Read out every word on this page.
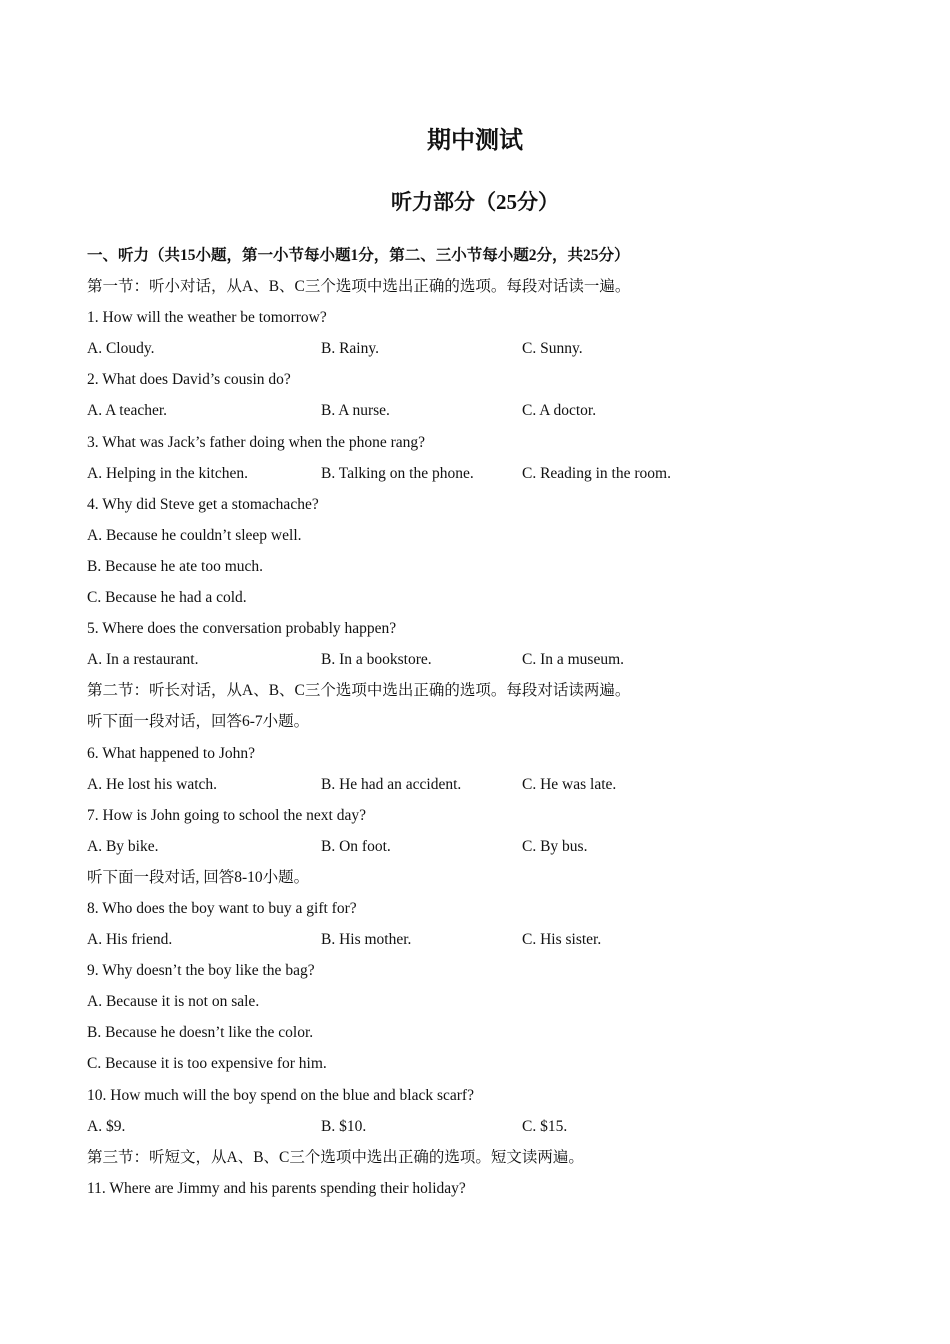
期中测试
听力部分（25分）
一、听力（共15小题，第一小节每小题1分，第二、三小节每小题2分，共25分）
第一节：听小对话，从A、B、C三个选项中选出正确的选项。每段对话读一遍。
1. How will the weather be tomorrow?
A. Cloudy.	B. Rainy.	C. Sunny.
2. What does David’s cousin do?
A. A teacher.	B. A nurse.	C. A doctor.
3. What was Jack’s father doing when the phone rang?
A. Helping in the kitchen.	B. Talking on the phone.	C. Reading in the room.
4. Why did Steve get a stomachache?
A. Because he couldn’t sleep well.
B. Because he ate too much.
C. Because he had a cold.
5. Where does the conversation probably happen?
A. In a restaurant.	B. In a bookstore.	C. In a museum.
第二节：听长对话，从A、B、C三个选项中选出正确的选项。每段对话读两遍。
听下面一段对话，回答6-7小题。
6. What happened to John?
A. He lost his watch.	B. He had an accident.	C. He was late.
7. How is John going to school the next day?
A. By bike.	B. On foot.	C. By bus.
听下面一段对话, 回答8-10小题。
8. Who does the boy want to buy a gift for?
A. His friend.	B. His mother.	C. His sister.
9. Why doesn’t the boy like the bag?
A. Because it is not on sale.
B. Because he doesn’t like the color.
C. Because it is too expensive for him.
10. How much will the boy spend on the blue and black scarf?
A. $9.	B. $10.	C. $15.
第三节：听短文，从A、B、C三个选项中选出正确的选项。短文读两遍。
11. Where are Jimmy and his parents spending their holiday?
